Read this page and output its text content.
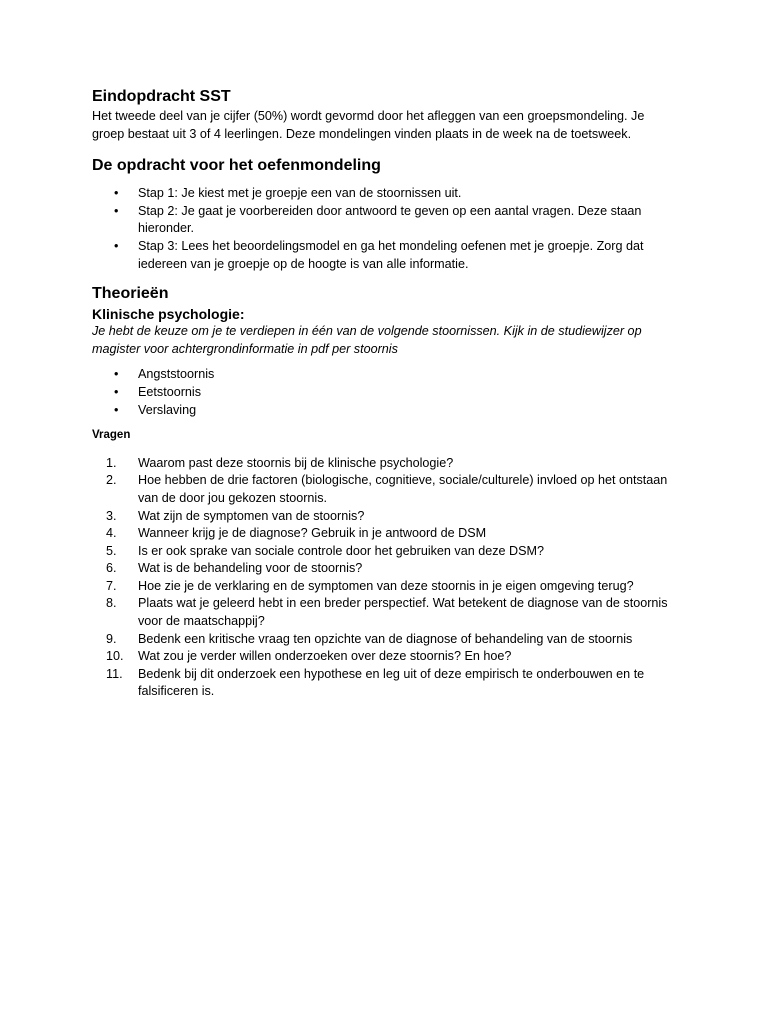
Eindopdracht SST

Het tweede deel van je cijfer (50%) wordt gevormd door het afleggen van een groepsmondeling. Je groep bestaat uit 3 of 4 leerlingen. Deze mondelingen vinden plaats in de week na de toetsweek.

De opdracht voor het oefenmondeling
• Stap 1: Je kiest met je groepje een van de stoornissen uit.
• Stap 2: Je gaat je voorbereiden door antwoord te geven op een aantal vragen. Deze staan hieronder.
• Stap 3: Lees het beoordelingsmodel en ga het mondeling oefenen met je groepje. Zorg dat iedereen van je groepje op de hoogte is van alle informatie.
Theorieën
Klinische psychologie:

Je hebt de keuze om je te verdiepen in één van de volgende stoornissen. Kijk in de studiewijzer op magister voor achtergrondinformatie in pdf per stoornis

• Angststoornis
• Eetstoornis
• Verslaving

Vragen

1.	Waarom past deze stoornis bij de klinische psychologie?
2.	Hoe hebben de drie factoren (biologische, cognitieve, sociale/culturele) invloed op het ontstaan van de door jou gekozen stoornis.
3.	Wat zijn de symptomen van de stoornis?
4.	Wanneer krijg je de diagnose? Gebruik in je antwoord de DSM
5.	Is er ook sprake van sociale controle door het gebruiken van deze DSM?
6.	Wat is de behandeling voor de stoornis?
7.	Hoe zie je de verklaring en de symptomen van deze stoornis in je eigen omgeving terug?
8.	Plaats wat je geleerd hebt in een breder perspectief. Wat betekent de diagnose van de stoornis voor de maatschappij?
9.	Bedenk een kritische vraag ten opzichte van de diagnose of behandeling van de stoornis
10.	Wat zou je verder willen onderzoeken over deze stoornis? En hoe?
11.	Bedenk bij dit onderzoek een hypothese en leg uit of deze empirisch te onderbouwen en te falsificeren is.
